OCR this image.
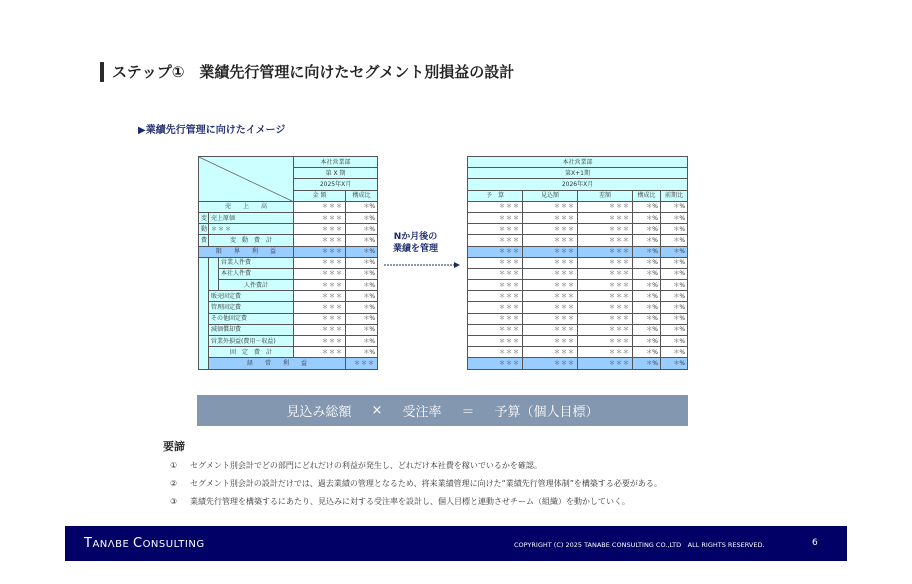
ステップ①　業績先行管理に向けたセグメント別損益の設計
▶業績先行管理に向けたイメージ
	本社営業部		
			第 X 期		
			2025年X月		
			金 額	構成比	
売　　上　　高			＊＊＊	＊%	
変	売上原価		＊＊＊	＊%	
動	＊＊＊		＊＊＊	＊%	
費	変　動　費　計		＊＊＊	＊%	
限　　界　　利　　益			＊＊＊	＊%	
		営業人件費	＊＊＊	＊%	
		本社人件費	＊＊＊	＊%	
		人件費計	＊＊＊	＊%	
	販売固定費		＊＊＊	＊%	
	管理固定費		＊＊＊	＊%	
	その他固定費		＊＊＊	＊%	
	減価償却費		＊＊＊	＊%	
	営業外損益(費用－収益)		＊＊＊	＊%	
	固　定　費　計		＊＊＊	＊%	
	経　　常　　利　　益			＊＊＊	
Nか月後の
業績を管理
本社営業部				
第X+1期				
2026年X月				
予　算	見込額	差額	構成比	前期比
＊＊＊	＊＊＊	＊＊＊	＊%	＊%
＊＊＊	＊＊＊	＊＊＊	＊%	＊%
＊＊＊	＊＊＊	＊＊＊	＊%	＊%
＊＊＊	＊＊＊	＊＊＊	＊%	＊%
＊＊＊	＊＊＊	＊＊＊	＊%	＊%
＊＊＊	＊＊＊	＊＊＊	＊%	＊%
＊＊＊	＊＊＊	＊＊＊	＊%	＊%
＊＊＊	＊＊＊	＊＊＊	＊%	＊%
＊＊＊	＊＊＊	＊＊＊	＊%	＊%
＊＊＊	＊＊＊	＊＊＊	＊%	＊%
＊＊＊	＊＊＊	＊＊＊	＊%	＊%
＊＊＊	＊＊＊	＊＊＊	＊%	＊%
＊＊＊	＊＊＊	＊＊＊	＊%	＊%
＊＊＊	＊＊＊	＊＊＊	＊%	＊%
＊＊＊	＊＊＊	＊＊＊	＊%	＊%
見込み総額 × 受注率 ＝ 予算（個人目標）
要諦
① セグメント別会計でどの部門にどれだけの利益が発生し、どれだけ本社費を稼いでいるかを確認。
② セグメント別会計の設計だけでは、過去業績の管理となるため、将来業績管理に向けた“業績先行管理体制”を構築する必要がある。
③ 業績先行管理を構築するにあたり、見込みに対する受注率を設計し、個人目標と連動させチーム（組織）を動かしていく。
TANΛBE CONSULTING	COPYRIGHT (C) 2025 TANABE CONSULTING CO.,LTD　ALL RIGHTS RESERVED.	6
